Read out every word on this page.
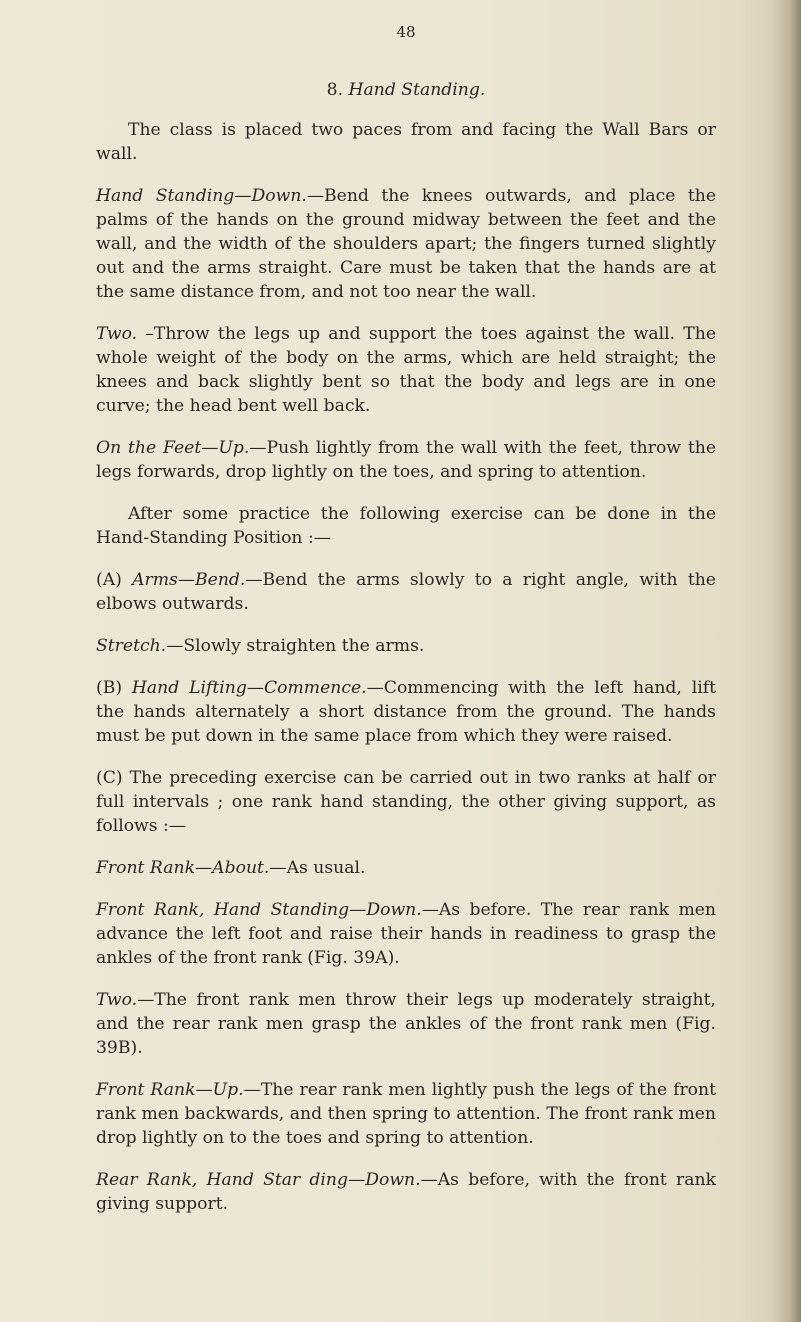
48
8. Hand Standing.

The class is placed two paces from and facing the Wall Bars or wall.

Hand Standing—Down.—Bend the knees outwards, and place the palms of the hands on the ground midway between the feet and the wall, and the width of the shoulders apart; the fingers turned slightly out and the arms straight. Care must be taken that the hands are at the same distance from, and not too near the wall.

Two. –Throw the legs up and support the toes against the wall. The whole weight of the body on the arms, which are held straight; the knees and back slightly bent so that the body and legs are in one curve; the head bent well back.

On the Feet—Up.—Push lightly from the wall with the feet, throw the legs forwards, drop lightly on the toes, and spring to attention.

After some practice the following exercise can be done in the Hand-Standing Position :—

(A) Arms—Bend.—Bend the arms slowly to a right angle, with the elbows outwards.

Stretch.—Slowly straighten the arms.

(B) Hand Lifting—Commence.—Commencing with the left hand, lift the hands alternately a short distance from the ground. The hands must be put down in the same place from which they were raised.

(C) The preceding exercise can be carried out in two ranks at half or full intervals ; one rank hand standing, the other giving support, as follows :—

Front Rank—About.—As usual.

Front Rank, Hand Standing—Down.—As before. The rear rank men advance the left foot and raise their hands in readiness to grasp the ankles of the front rank (Fig. 39A).

Two.—The front rank men throw their legs up moderately straight, and the rear rank men grasp the ankles of the front rank men (Fig. 39B).

Front Rank—Up.—The rear rank men lightly push the legs of the front rank men backwards, and then spring to attention. The front rank men drop lightly on to the toes and spring to attention.

Rear Rank, Hand Star ding—Down.—As before, with the front rank giving support.
